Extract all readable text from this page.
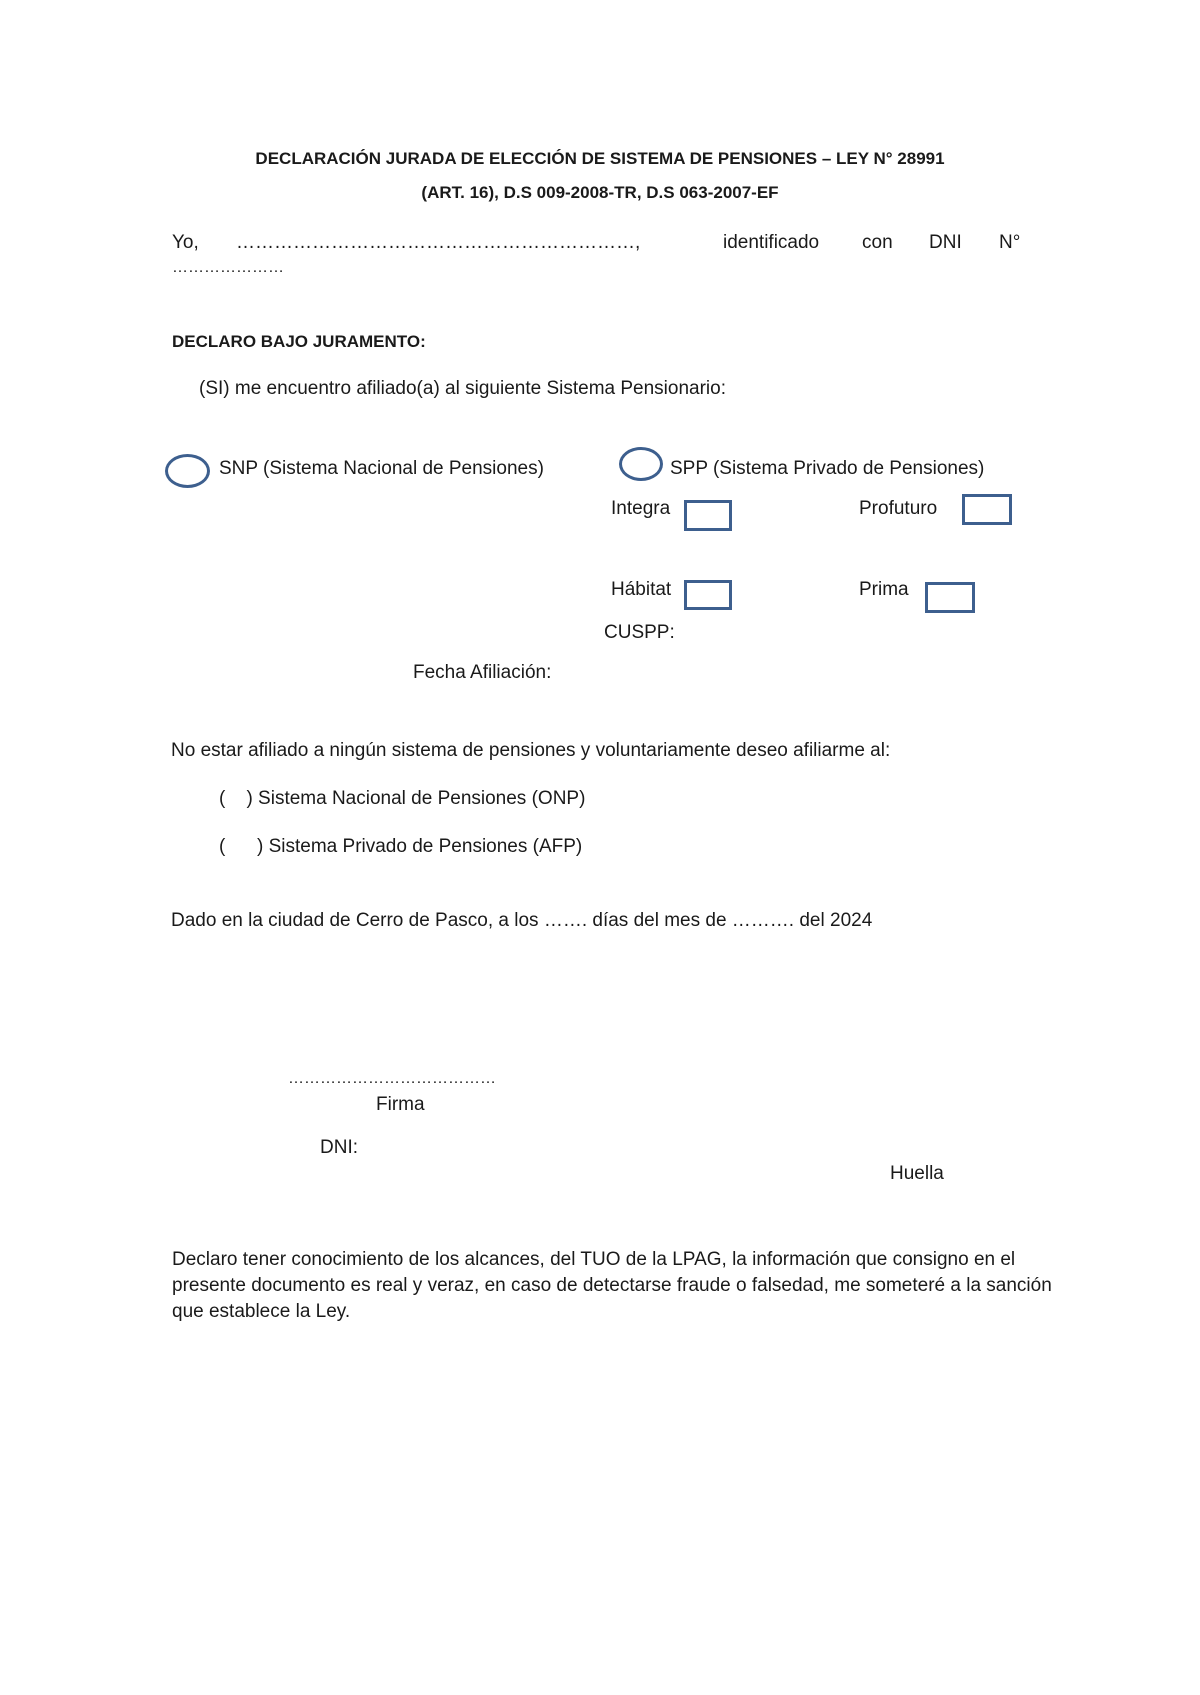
DECLARACIÓN JURADA DE ELECCIÓN DE SISTEMA DE PENSIONES – LEY N° 28991
(ART. 16), D.S 009-2008-TR, D.S 063-2007-EF
Yo, ………………………………………………………,	identificado con DNI N°
…………………
DECLARO BAJO JURAMENTO:
(SI) me encuentro afiliado(a) al siguiente Sistema Pensionario:
SNP (Sistema Nacional de Pensiones)	SPP (Sistema Privado de Pensiones)
Integra	Profuturo
Hábitat	Prima
CUSPP:
Fecha Afiliación:
No estar afiliado a ningún sistema de pensiones y voluntariamente deseo afiliarme al:
(    ) Sistema Nacional de Pensiones (ONP)
(      ) Sistema Privado de Pensiones (AFP)
Dado en la ciudad de Cerro de Pasco, a los ……. días del mes de ………. del 2024
…………………………………
Firma
DNI:
Huella
Declaro tener conocimiento de los alcances, del TUO de la LPAG, la información que consigno en el presente documento es real y veraz, en caso de detectarse fraude o falsedad, me someteré a la sanción que establece la Ley.
